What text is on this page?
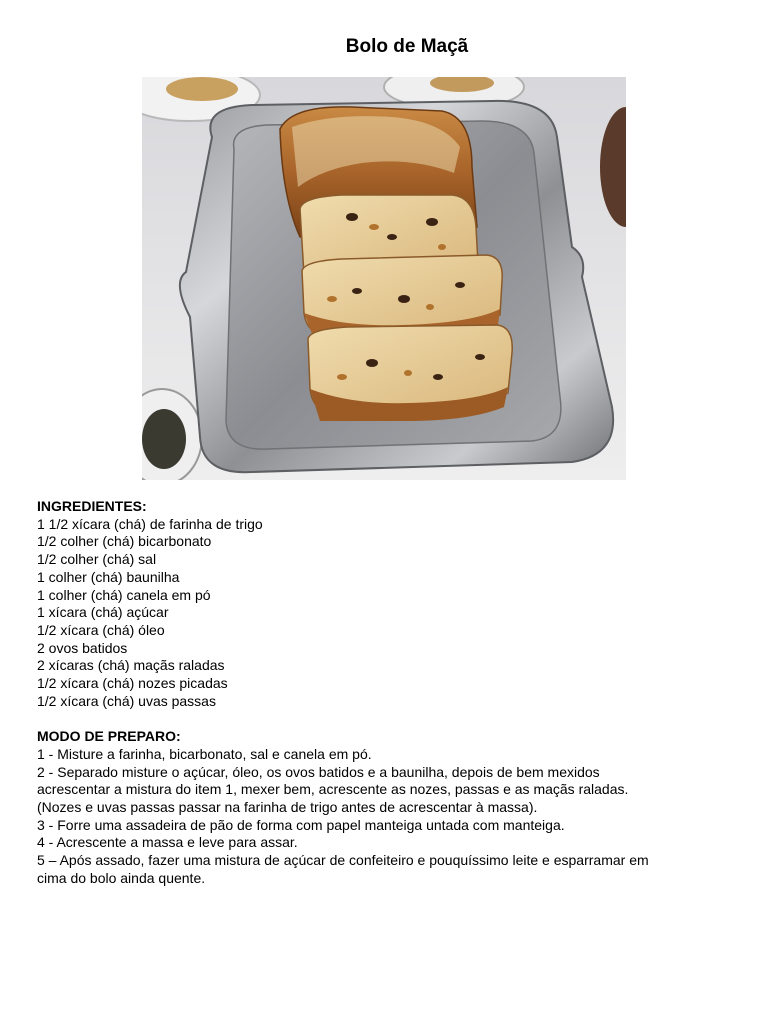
Bolo de Maçã
INGREDIENTES:
1 1/2 xícara (chá) de farinha de trigo
1/2 colher (chá) bicarbonato
1/2 colher (chá) sal
1 colher (chá) baunilha
1 colher (chá) canela em pó
1 xícara (chá) açúcar
1/2 xícara (chá) óleo
2 ovos batidos
2 xícaras (chá) maçãs raladas
1/2 xícara (chá) nozes picadas
1/2 xícara (chá) uvas passas
MODO DE PREPARO:
1 - Misture a farinha, bicarbonato, sal e canela em pó.
2 - Separado misture o açúcar, óleo, os ovos batidos e a baunilha, depois de bem mexidos
acrescentar a mistura do item 1, mexer bem, acrescente as nozes, passas e as maçãs raladas.
(Nozes e uvas passas passar na farinha de trigo antes de acrescentar à massa).
3 - Forre uma assadeira de pão de forma com papel manteiga untada com manteiga.
4 - Acrescente a massa e leve para assar.
5 – Após assado, fazer uma mistura de açúcar de confeiteiro e pouquíssimo leite e esparramar em
cima do bolo ainda quente.
